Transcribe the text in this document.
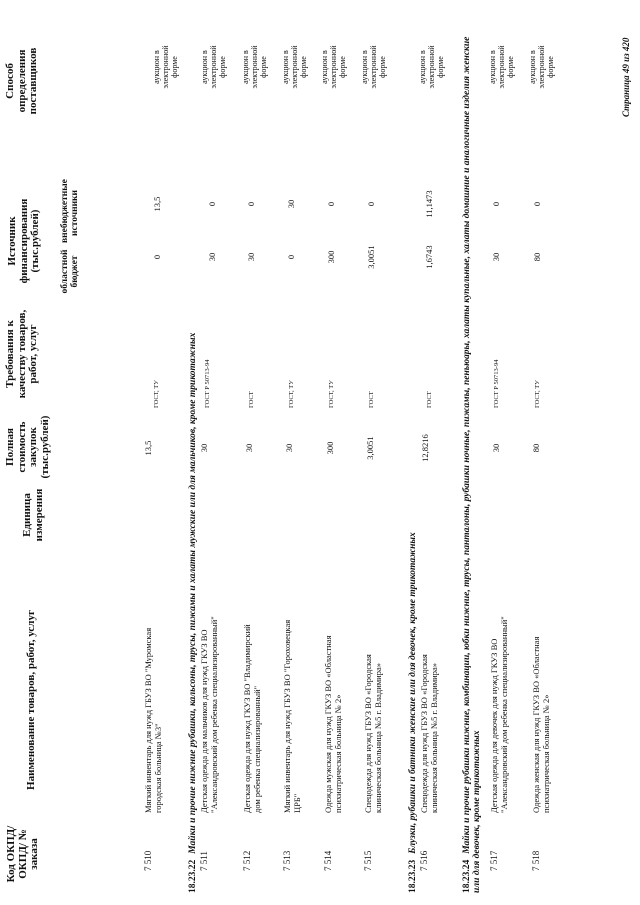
Код ОКПД/ ОКПД/ № заказа
Наименование товаров, работ, услуг
Единица измерения
Полная стоимость закупок (тыс.рублей)
Требования к качеству товаров, работ, услуг
Источник финансирования (тыс.рублей) областной бюджет
внебюджетные источники
Способ определения поставщиков
7 510
Мягкий инвентарь для нужд ГБУЗ ВО "Муромская городская больница №3"
13,5
ГОСТ, ТУ
0
13,5
аукцион в электронной форме
18.23.22Майки и прочие нижние рубашки, кальсоны, трусы, пижамы и халаты мужские или для мальчиков, кроме трикотажных
7 511
Детская одежда для мальчиков для нужд ГКУЗ ВО "Александровский дом ребенка специализированный"
30
ГОСТ Р 50713-94
30
0
аукцион в электронной форме
7 512
Детская одежда для нужд ГКУЗ ВО "Владимирский дом ребенка специализированный"
30
ГОСТ
30
0
аукцион в электронной форме
7 513
Мягкий инвентарь для нужд ГБУЗ ВО "Гороховецкая ЦРБ"
30
ГОСТ, ТУ
0
30
аукцион в электронной форме
7 514
Одежда мужская для нужд ГКУЗ ВО «Областная психиатрическая больница № 2»
300
ГОСТ, ТУ
300
0
аукцион в электронной форме
7 515
Спецодежда для нужд ГБУЗ ВО «Городская клиническая больница №5 г. Владимира»
3,0051
ГОСТ
3,0051
0
аукцион в электронной форме
18.23.23Блузки, рубашки и батники женские или для девочек, кроме трикотажных
7 516
Спецодежда для нужд ГБУЗ ВО «Городская клиническая больница №5 г. Владимира»
12,8216
ГОСТ
1,6743
11,1473
аукцион в электронной форме
18.23.24Майки и прочие рубашки нижние, комбинации, юбки нижние, трусы, панталоны, рубашки ночные, пижамы, пеньюары, халаты купальные, халаты домашние и аналогичные изделия женские или для девочек, кроме трикотажных 7 517
Детская одежда для девочек для нужд ГКУЗ ВО "Александровский дом ребенка специализированный"
30
ГОСТ Р 50713-94
30
0
аукцион в электронной форме
7 518
Одежда женская для нужд ГКУЗ ВО «Областная психиатрическая больница № 2»
80
ГОСТ, ТУ
80
0
аукцион в электронной форме	Страница 49 из 420
